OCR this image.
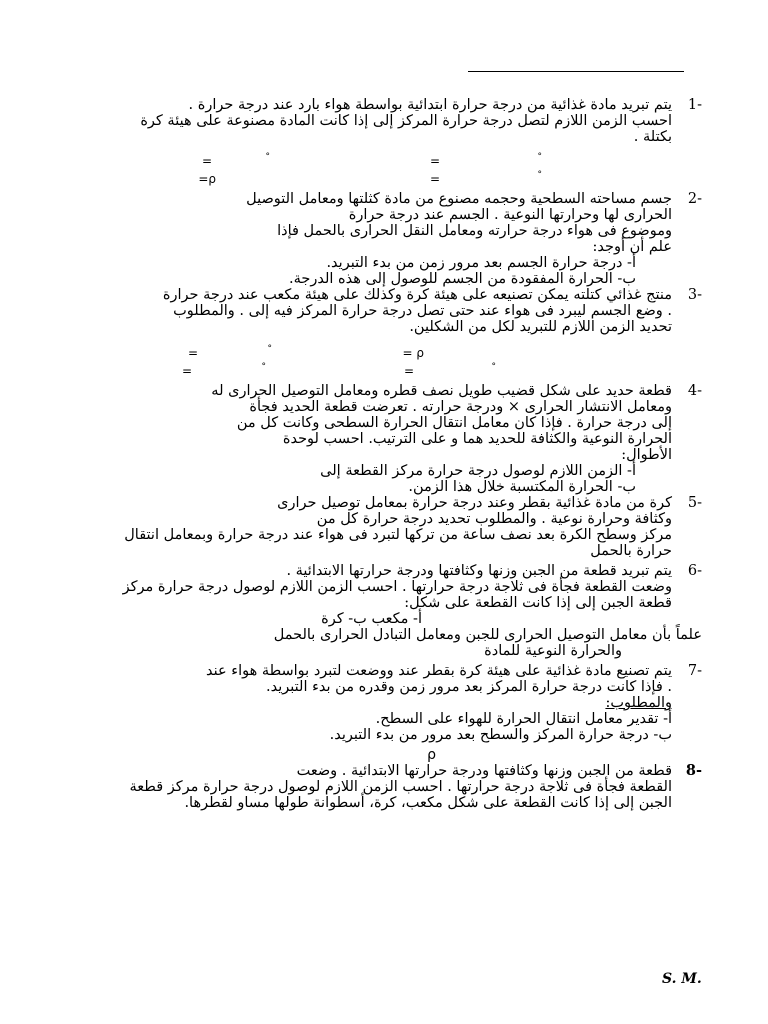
1-
يتم تبريد مادة غذائية من درجة حرارة ابتدائية بواسطة هواء بارد عند درجة حرارة .
احسب الزمن اللازم لتصل درجة حرارة المركز إلى إذا كانت المادة مصنوعة على هيئة كرة
بكتلة .
=	°	=	°
ρ=	=	°
2-
جسم مساحته السطحية وحجمه مصنوع من مادة كثلتها ومعامل التوصيل
الحرارى لها وحرارتها النوعية . الجسم عند درجة حرارة
وموضوع فى هواء درجة حرارته ومعامل النقل الحرارى بالحمل فإذا
علم أن أوجد:
أ- درجة حرارة الجسم بعد مرور زمن من بدء التبريد.
ب- الحرارة المفقودة من الجسم للوصول إلى هذه الدرجة.
3-
منتج غذائي كتلته يمكن تصنيعه على هيئة كرة وكذلك على هيئة مكعب عند درجة حرارة
. وضع الجسم ليبرد فى هواء عند حتى تصل درجة حرارة المركز فيه إلى . والمطلوب
تحديد الزمن اللازم للتبريد لكل من الشكلين.
=	°	ρ =
=	°	=	°
4-
قطعة حديد على شكل قضيب طويل نصف قطره ومعامل التوصيل الحرارى له
ومعامل الانتشار الحرارى × ودرجة حرارته . تعرضت قطعة الحديد فجأة
إلى درجة حرارة . فإذا كان معامل انتقال الحرارة السطحى وكانت كل من
الحرارة النوعية والكثافة للحديد هما و على الترتيب. احسب لوحدة
الأطوال:
أ- الزمن اللازم لوصول درجة حرارة مركز القطعة إلى
ب- الحرارة المكتسبة خلال هذا الزمن.
5-
كرة من مادة غذائية بقطر وعند درجة حرارة بمعامل توصيل حرارى
وكثافة وحرارة نوعية . والمطلوب تحديد درجة حرارة كل من
مركز وسطح الكرة بعد نصف ساعة من تركها لتبرد فى هواء عند درجة حرارة وبمعامل انتقال
حرارة بالحمل
6-
يتم تبريد قطعة من الجبن وزنها وكثافتها ودرجة حرارتها الابتدائية .
وضعت القطعة فجأة فى ثلاجة درجة حرارتها . احسب الزمن اللازم لوصول درجة حرارة مركز
قطعة الجبن إلى إذا كانت القطعة على شكل:
أ- مكعب ب- كرة
علماً بأن معامل التوصيل الحرارى للجبن ومعامل التبادل الحرارى بالحمل
والحرارة النوعية للمادة
7-
يتم تصنيع مادة غذائية على هيئة كرة بقطر عند ووضعت لتبرد بواسطة هواء عند
. فإذا كانت درجة حرارة المركز بعد مرور زمن وقدره من بدء التبريد.
والمطلوب:
أ- تقدير معامل انتقال الحرارة للهواء على السطح.
ب- درجة حرارة المركز والسطح بعد مرور من بدء التبريد.
ρ
8-
قطعة من الجبن وزنها وكثافتها ودرجة حرارتها الابتدائية . وضعت
القطعة فجأة فى ثلاجة درجة حرارتها . احسب الزمن اللازم لوصول درجة حرارة مركز قطعة
الجبن إلى إذا كانت القطعة على شكل مكعب، كرة، أسطوانة طولها مساو لقطرها.
S. M.
